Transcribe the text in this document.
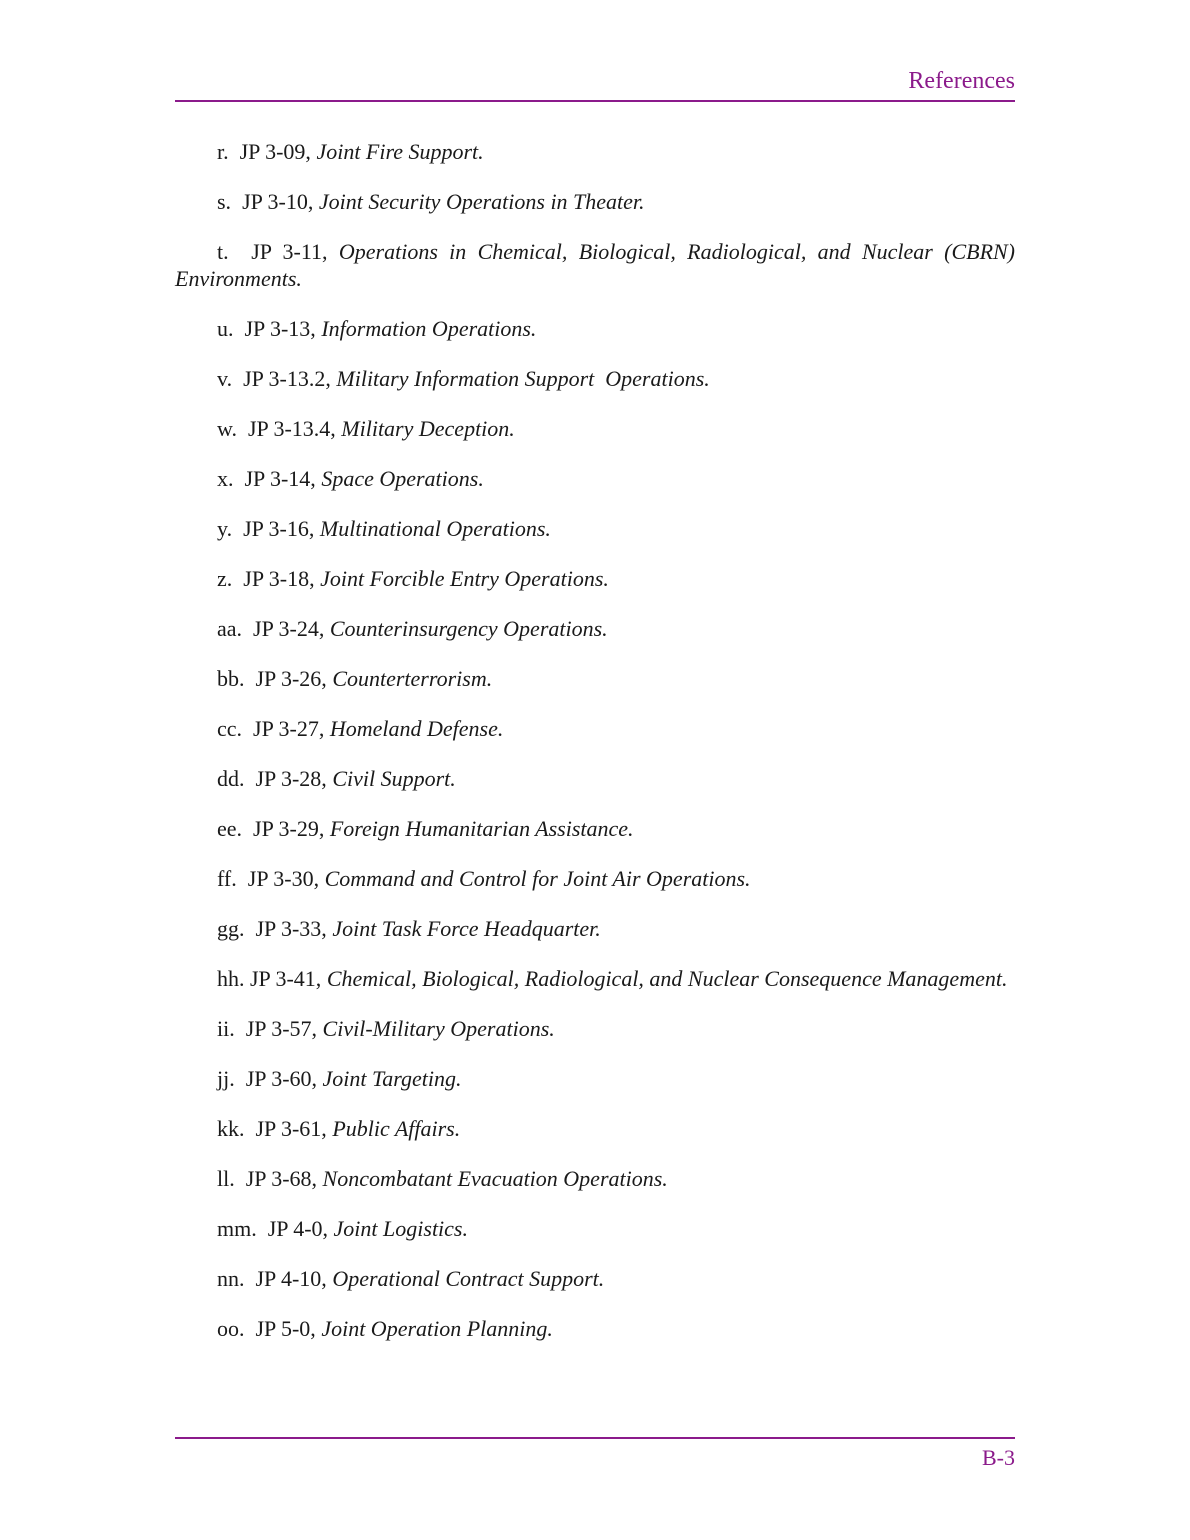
References

r. JP 3-09, Joint Fire Support.

s. JP 3-10, Joint Security Operations in Theater.

t. JP 3-11, Operations in Chemical, Biological, Radiological, and Nuclear (CBRN) Environments.

u. JP 3-13, Information Operations.

v. JP 3-13.2, Military Information Support  Operations.

w. JP 3-13.4, Military Deception.

x. JP 3-14, Space Operations.

y. JP 3-16, Multinational Operations.

z. JP 3-18, Joint Forcible Entry Operations.

aa. JP 3-24, Counterinsurgency Operations.

bb. JP 3-26, Counterterrorism.

cc. JP 3-27, Homeland Defense.

dd. JP 3-28, Civil Support.

ee. JP 3-29, Foreign Humanitarian Assistance.

ff. JP 3-30, Command and Control for Joint Air Operations.

gg. JP 3-33, Joint Task Force Headquarter.

hh. JP 3-41, Chemical, Biological, Radiological, and Nuclear Consequence Management.

ii. JP 3-57, Civil-Military Operations.

jj. JP 3-60, Joint Targeting.

kk. JP 3-61, Public Affairs.

ll. JP 3-68, Noncombatant Evacuation Operations.

mm. JP 4-0, Joint Logistics.

nn. JP 4-10, Operational Contract Support.

oo. JP 5-0, Joint Operation Planning.

B-3
